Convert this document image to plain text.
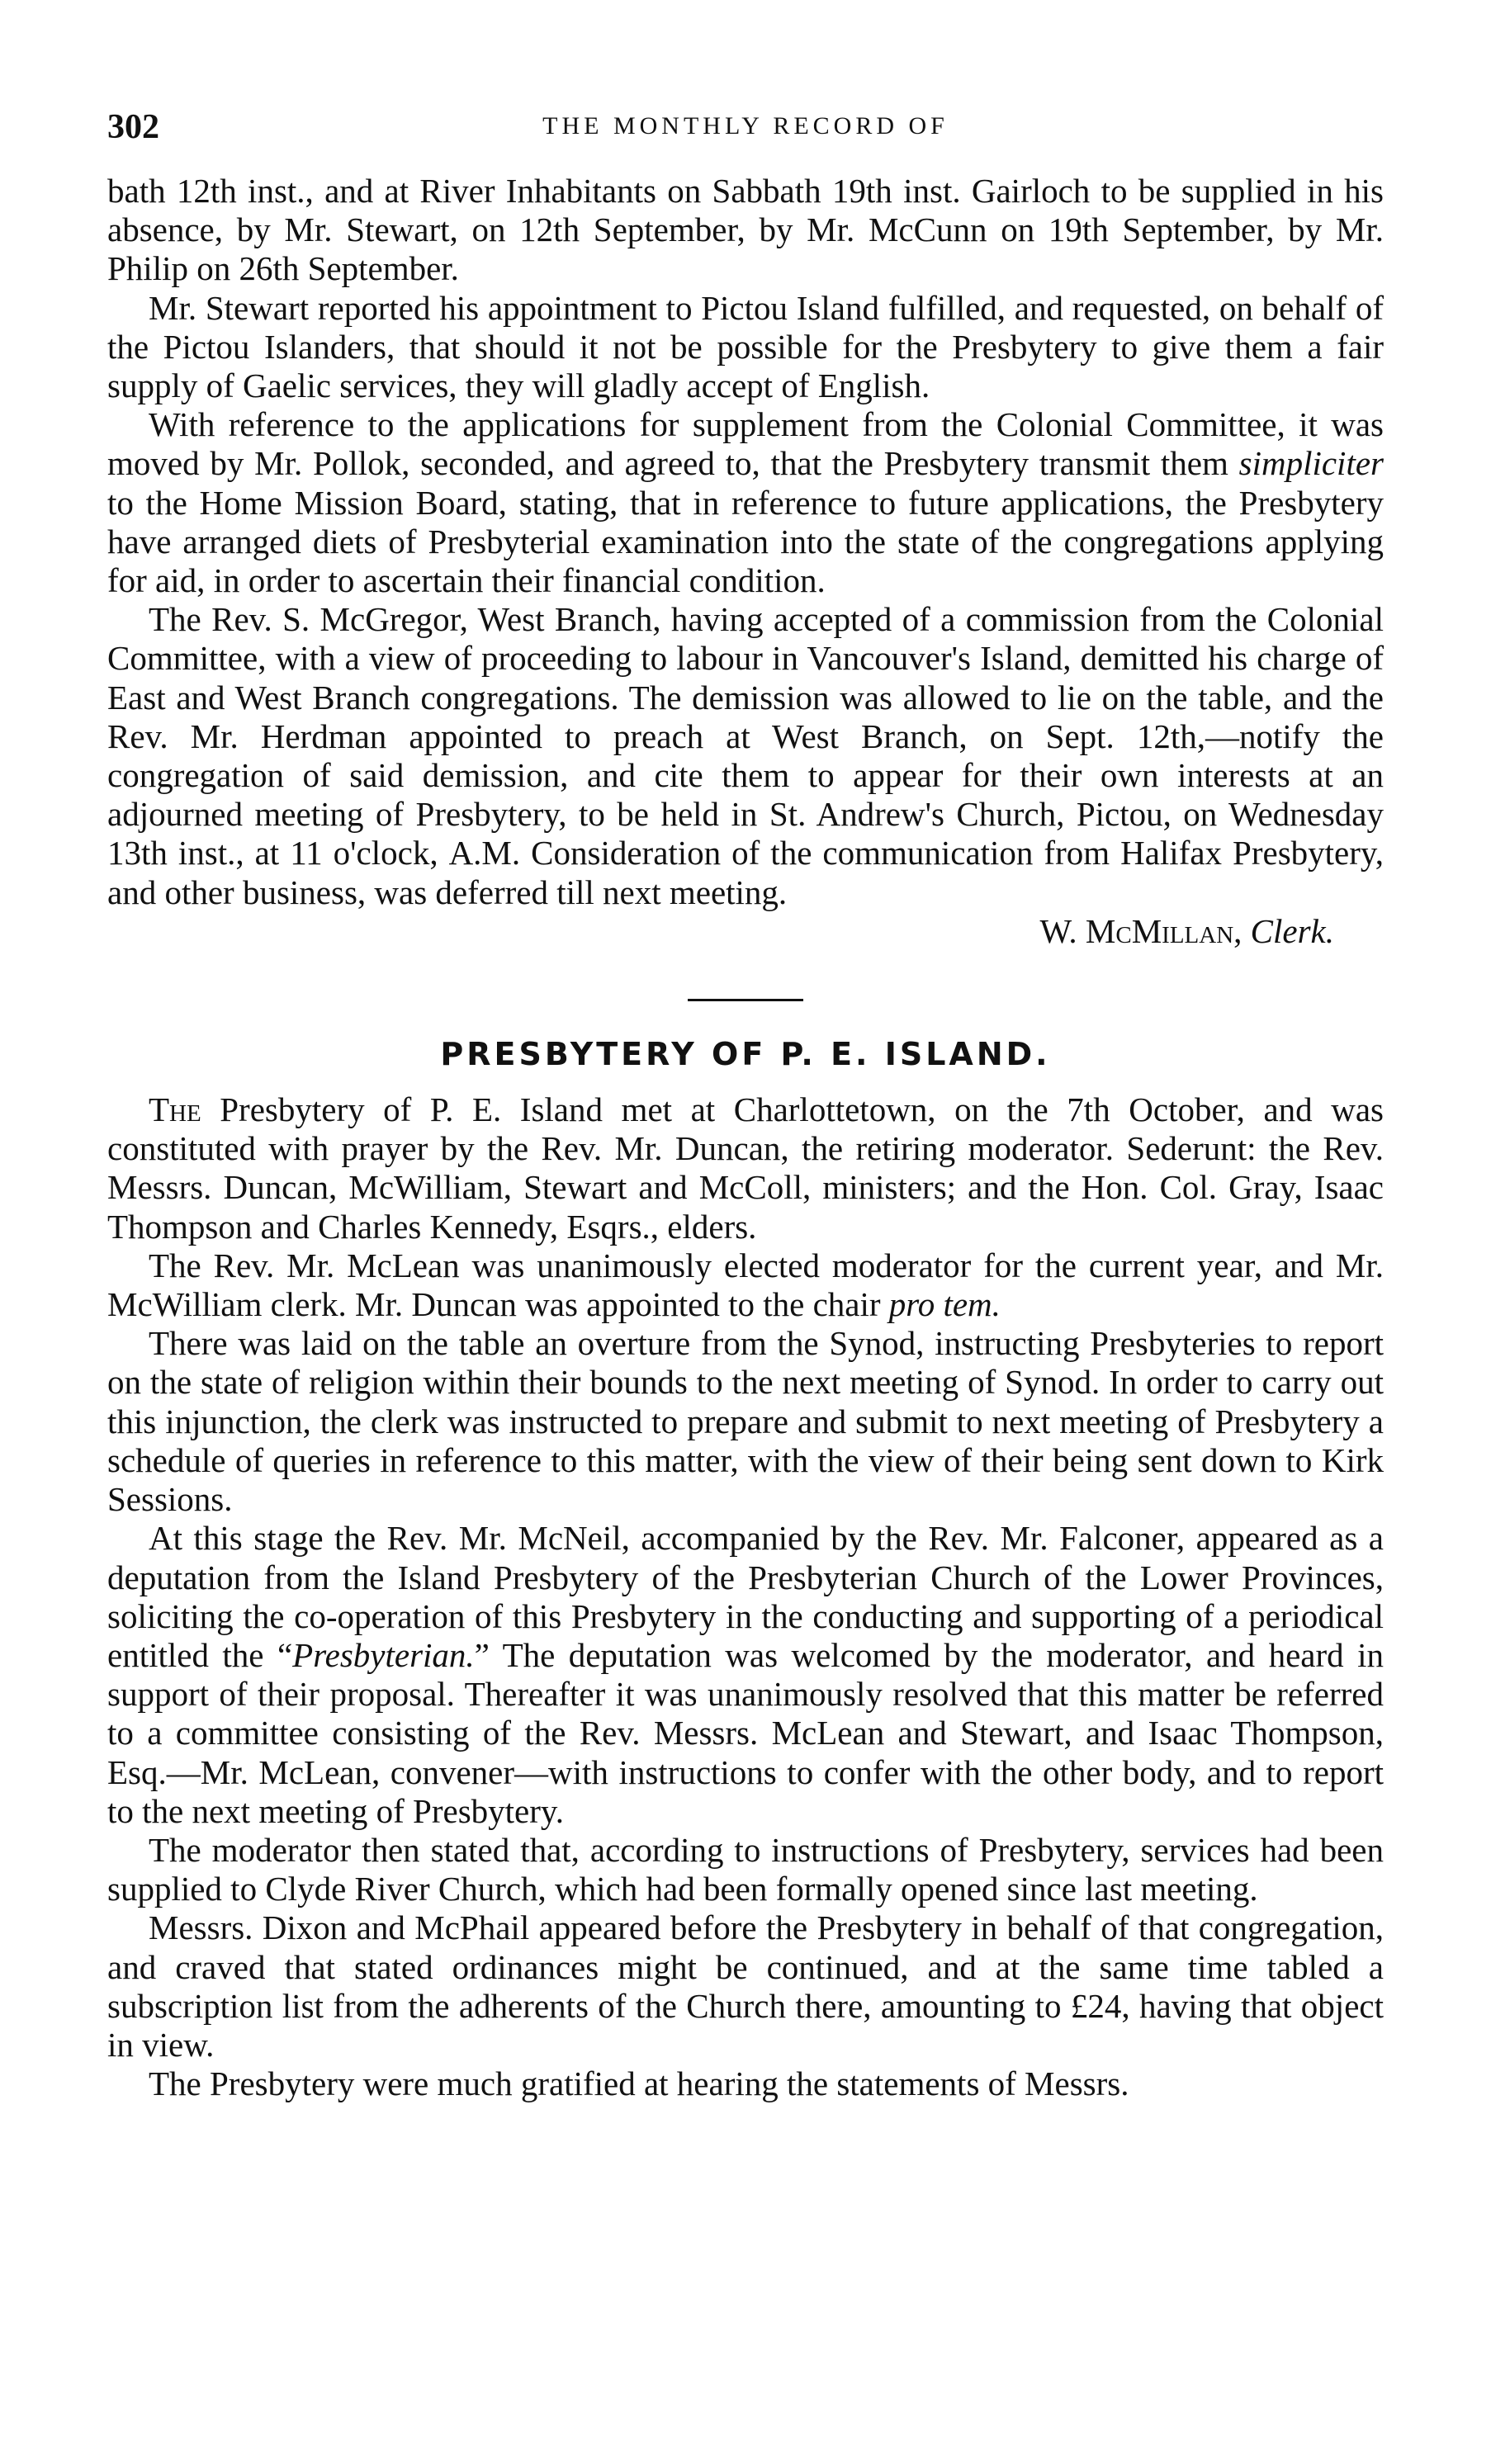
302	THE MONTHLY RECORD OF

bath 12th inst., and at River Inhabitants on Sabbath 19th inst. Gairloch to be supplied in his absence, by Mr. Stewart, on 12th September, by Mr. McCunn on 19th September, by Mr. Philip on 26th September.

Mr. Stewart reported his appointment to Pictou Island fulfilled, and requested, on behalf of the Pictou Islanders, that should it not be possible for the Presbytery to give them a fair supply of Gaelic services, they will gladly accept of English.

With reference to the applications for supplement from the Colonial Committee, it was moved by Mr. Pollok, seconded, and agreed to, that the Presbytery transmit them simpliciter to the Home Mission Board, stating, that in reference to future applications, the Presbytery have arranged diets of Presbyterial examination into the state of the congregations applying for aid, in order to ascertain their financial condition.

The Rev. S. McGregor, West Branch, having accepted of a commission from the Colonial Committee, with a view of proceeding to labour in Vancouver's Island, demitted his charge of East and West Branch congregations. The demission was allowed to lie on the table, and the Rev. Mr. Herdman appointed to preach at West Branch, on Sept. 12th,—notify the congregation of said demission, and cite them to appear for their own interests at an adjourned meeting of Presbytery, to be held in St. Andrew's Church, Pictou, on Wednesday 13th inst., at 11 o'clock, A.M. Consideration of the communication from Halifax Presbytery, and other business, was deferred till next meeting.

W. McMillan, Clerk.

PRESBYTERY OF P. E. ISLAND.

The Presbytery of P. E. Island met at Charlottetown, on the 7th October, and was constituted with prayer by the Rev. Mr. Duncan, the retiring moderator. Sederunt: the Rev. Messrs. Duncan, McWilliam, Stewart and McColl, ministers; and the Hon. Col. Gray, Isaac Thompson and Charles Kennedy, Esqrs., elders.

The Rev. Mr. McLean was unanimously elected moderator for the current year, and Mr. McWilliam clerk. Mr. Duncan was appointed to the chair pro tem.

There was laid on the table an overture from the Synod, instructing Presbyteries to report on the state of religion within their bounds to the next meeting of Synod. In order to carry out this injunction, the clerk was instructed to prepare and submit to next meeting of Presbytery a schedule of queries in reference to this matter, with the view of their being sent down to Kirk Sessions.

At this stage the Rev. Mr. McNeil, accompanied by the Rev. Mr. Falconer, appeared as a deputation from the Island Presbytery of the Presbyterian Church of the Lower Provinces, soliciting the co-operation of this Presbytery in the conducting and supporting of a periodical entitled the “Presbyterian.” The deputation was welcomed by the moderator, and heard in support of their proposal. Thereafter it was unanimously resolved that this matter be referred to a committee consisting of the Rev. Messrs. McLean and Stewart, and Isaac Thompson, Esq.—Mr. McLean, convener—with instructions to confer with the other body, and to report to the next meeting of Presbytery.

The moderator then stated that, according to instructions of Presbytery, services had been supplied to Clyde River Church, which had been formally opened since last meeting.

Messrs. Dixon and McPhail appeared before the Presbytery in behalf of that congregation, and craved that stated ordinances might be continued, and at the same time tabled a subscription list from the adherents of the Church there, amounting to £24, having that object in view.

The Presbytery were much gratified at hearing the statements of Messrs.
